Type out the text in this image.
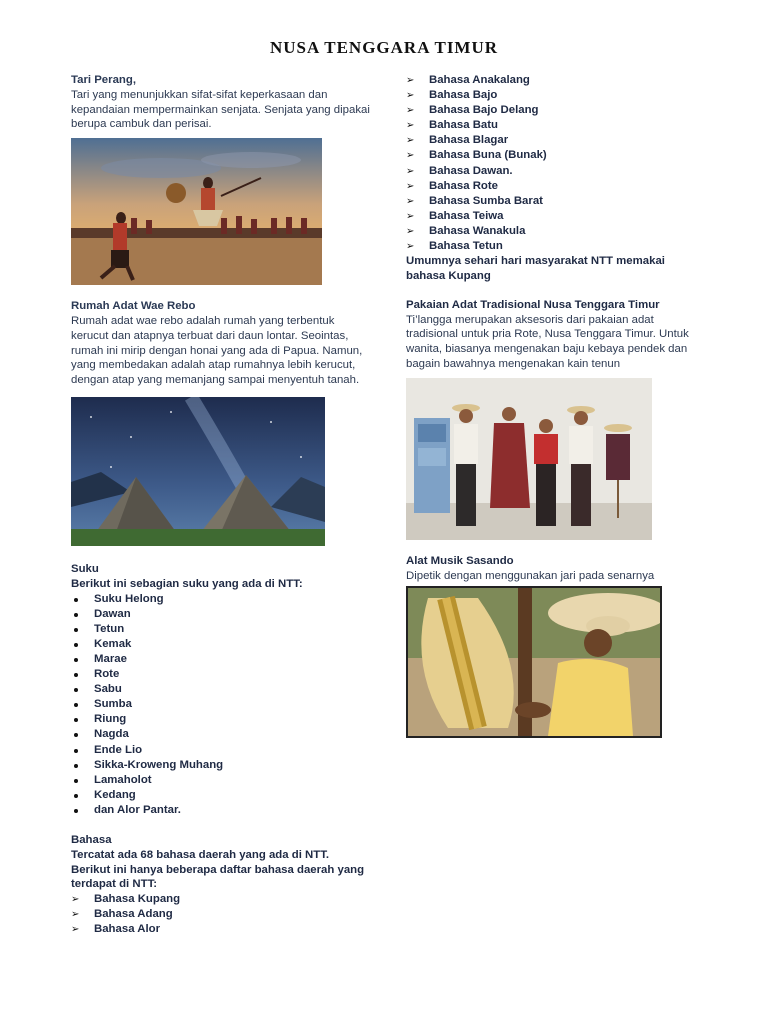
NUSA TENGGARA TIMUR
Tari Perang,
Tari yang menunjukkan sifat-sifat keperkasaan dan kepandaian mempermainkan senjata. Senjata yang dipakai berupa cambuk dan perisai.
Rumah Adat Wae Rebo
Rumah adat wae rebo adalah rumah yang terbentuk kerucut dan atapnya terbuat dari daun lontar. Seointas, rumah ini mirip dengan honai yang ada di Papua. Namun, yang membedakan adalah atap rumahnya lebih kerucut, dengan atap yang memanjang sampai menyentuh tanah.
Suku
Berikut ini sebagian suku yang ada di NTT:
Suku Helong
Dawan
Tetun
Kemak
Marae
Rote
Sabu
Sumba
Riung
Nagda
Ende Lio
Sikka-Kroweng Muhang
Lamaholot
Kedang
dan Alor Pantar.
Bahasa
Tercatat ada 68 bahasa daerah yang ada di NTT. Berikut ini hanya beberapa daftar bahasa daerah yang terdapat di NTT:
➢ Bahasa Kupang
➢ Bahasa Adang
➢ Bahasa Alor
➢ Bahasa Anakalang
➢ Bahasa Bajo
➢ Bahasa Bajo Delang
➢ Bahasa Batu
➢ Bahasa Blagar
➢ Bahasa Buna (Bunak)
➢ Bahasa Dawan.
➢ Bahasa Rote
➢ Bahasa Sumba Barat
➢ Bahasa Teiwa
➢ Bahasa Wanakula
➢ Bahasa Tetun
Umumnya sehari hari masyarakat NTT memakai bahasa Kupang
Pakaian Adat Tradisional Nusa Tenggara Timur
Ti’langga merupakan aksesoris dari pakaian adat tradisional untuk pria Rote, Nusa Tenggara Timur. Untuk wanita, biasanya mengenakan baju kebaya pendek dan bagain bawahnya mengenakan kain tenun
Alat Musik Sasando
Dipetik dengan menggunakan jari pada senarnya
